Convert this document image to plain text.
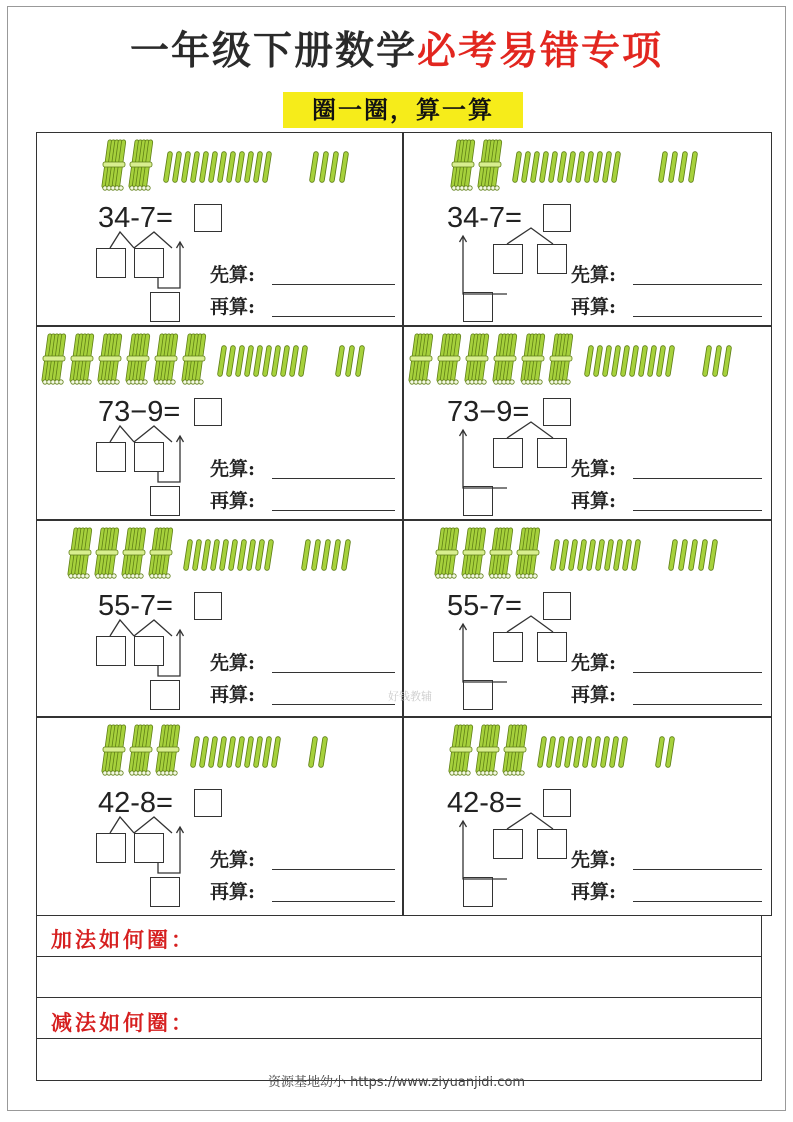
一年级下册数学必考易错专项
圈一圈，算一算
34-7=
先算:
再算:
34-7=
先算:
再算:
73−9=
先算:
再算:
73−9=
先算:
再算:
55-7=
先算:
再算:
55-7=
先算:
再算:
42-8=
先算:
再算:
42-8=
先算:
再算:
加法如何圈：
减法如何圈：
好钱教辅
资源基地幼小 https://www.ziyuanjidi.com
